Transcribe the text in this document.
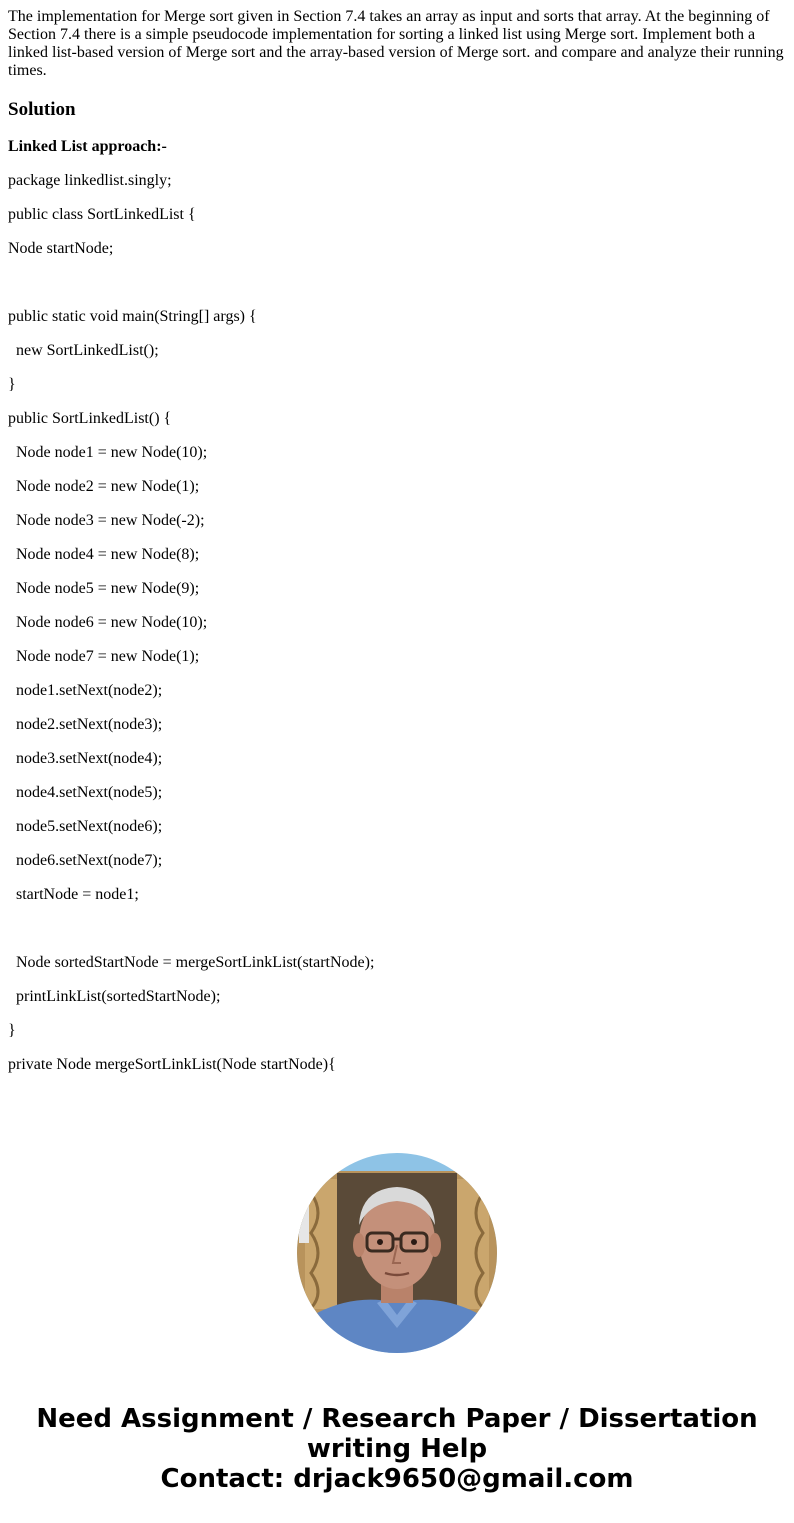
The implementation for Merge sort given in Section 7.4 takes an array as input and sorts that array. At the beginning of Section 7.4 there is a simple pseudocode implementation for sorting a linked list using Merge sort. Implement both a linked list-based version of Merge sort and the array-based version of Merge sort. and compare and analyze their running times.

Solution
Linked List approach:-
package linkedlist.singly;
public class SortLinkedList {
Node startNode;
public static void main(String[] args) {
new SortLinkedList();
}
public SortLinkedList() {
Node node1 = new Node(10);
Node node2 = new Node(1);
Node node3 = new Node(-2);
Node node4 = new Node(8);
Node node5 = new Node(9);
Node node6 = new Node(10);
Node node7 = new Node(1);
node1.setNext(node2);
node2.setNext(node3);
node3.setNext(node4);
node4.setNext(node5);
node5.setNext(node6);
node6.setNext(node7);
startNode = node1;
Node sortedStartNode = mergeSortLinkList(startNode);
printLinkList(sortedStartNode);
}
private Node mergeSortLinkList(Node startNode){
Need Assignment / Research Paper / Dissertation
writing Help
Contact: drjack9650@gmail.com
